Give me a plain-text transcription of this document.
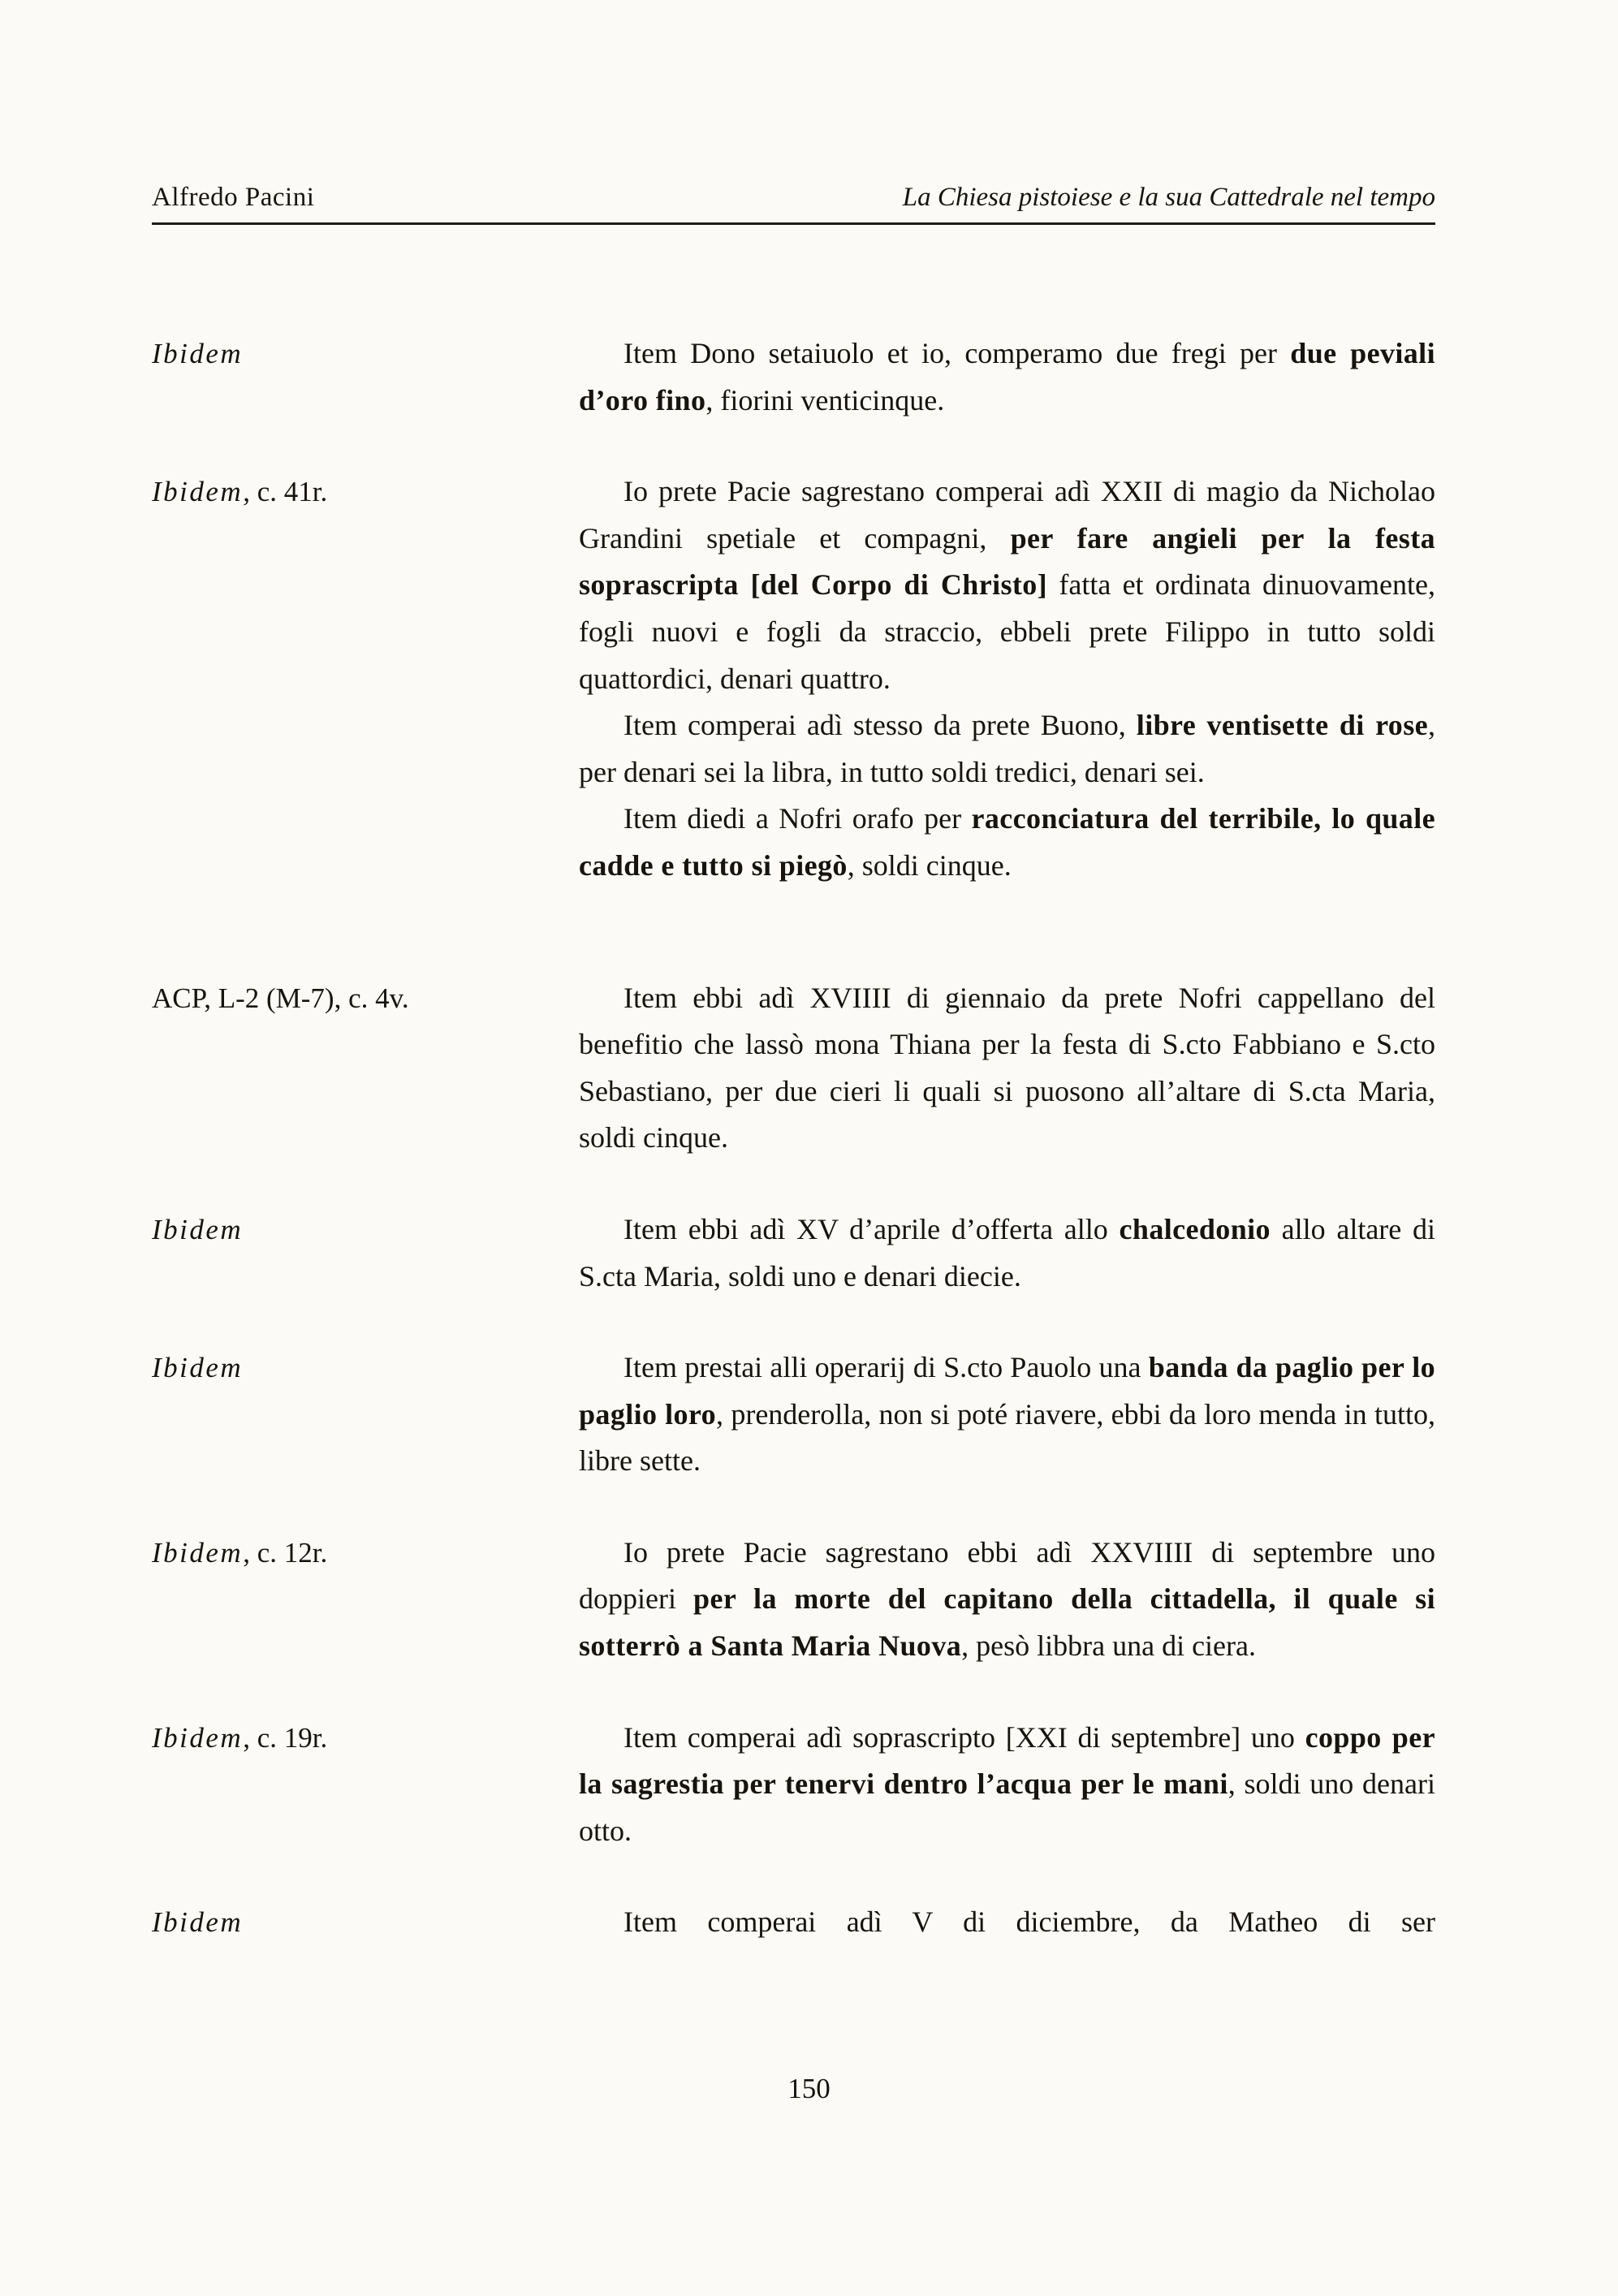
Alfredo Pacini	La Chiesa pistoiese e la sua Cattedrale nel tempo
Ibidem	Item Dono setaiuolo et io, comperamo due fregi per due peviali d’oro fino, fiorini venticinque.

Ibidem, c. 41r.	Io prete Pacie sagrestano comperai adì XXII di magio da Nicholao Grandini spetiale et compagni, per fare angieli per la festa soprascripta [del Corpo di Christo] fatta et ordinata dinuovamente, fogli nuovi e fogli da straccio, ebbeli prete Filippo in tutto soldi quattordici, denari quattro.

Item comperai adì stesso da prete Buono, libre ventisette di rose, per denari sei la libra, in tutto soldi tredici, denari sei.

Item diedi a Nofri orafo per racconciatura del terribile, lo quale cadde e tutto si piegò, soldi cinque.

ACP, L-2 (M-7), c. 4v.	Item ebbi adì XVIIII di giennaio da prete Nofri cappellano del benefitio che lassò mona Thiana per la festa di S.cto Fabbiano e S.cto Sebastiano, per due cieri li quali si puosono all’altare di S.cta Maria, soldi cinque.

Ibidem	Item ebbi adì XV d’aprile d’offerta allo chalcedonio allo altare di S.cta Maria, soldi uno e denari diecie.

Ibidem	Item prestai alli operarij di S.cto Pauolo una banda da paglio per lo paglio loro, prenderolla, non si poté riavere, ebbi da loro menda in tutto, libre sette.

Ibidem, c. 12r.	Io prete Pacie sagrestano ebbi adì XXVIIII di septembre uno doppieri per la morte del capitano della cittadella, il quale si sotterrò a Santa Maria Nuova, pesò libbra una di ciera.

Ibidem, c. 19r.	Item comperai adì soprascripto [XXI di septembre] uno coppo per la sagrestia per tenervi dentro l’acqua per le mani, soldi uno denari otto.

Ibidem	Item comperai adì V di diciembre, da Matheo di ser

150
